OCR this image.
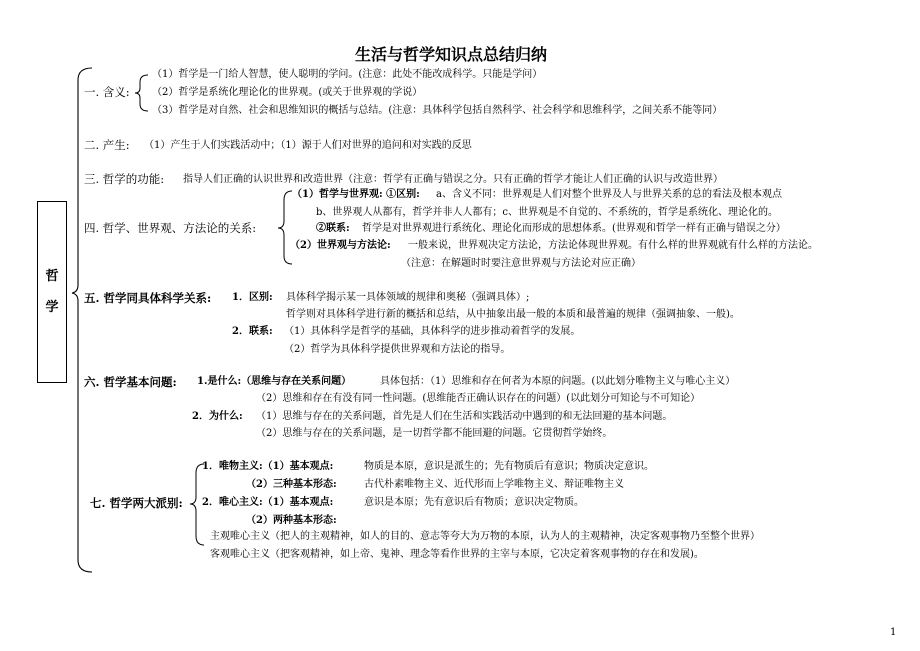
生活与哲学知识点总结归纳
哲
学
一. 含义:
（1）哲学是一门给人智慧，使人聪明的学问。(注意：此处不能改成科学。只能是学问）
（2）哲学是系统化理论化的世界观。(或关于世界观的学说）
（3）哲学是对自然、社会和思维知识的概括与总结。(注意：具体科学包括自然科学、社会科学和思维科学，之间关系不能等同）
二. 产生: （1）产生于人们实践活动中；（1）源于人们对世界的追问和对实践的反思
三. 哲学的功能: 指导人们正确的认识世界和改造世界（注意：哲学有正确与错误之分。只有正确的哲学才能让人们正确的认识与改造世界）
四. 哲学、世界观、方法论的关系:
（1）哲学与世界观: ①区别: a、含义不同：世界观是人们对整个世界及人与世界关系的总的看法及根本观点
b、世界观人从都有，哲学并非人人都有；c、世界观是不自觉的、不系统的，哲学是系统化、理论化的。
②联系: 哲学是对世界观进行系统化、理论化而形成的思想体系。(世界观和哲学一样有正确与错误之分）
（2）世界观与方法论: 一般来说，世界观决定方法论，方法论体现世界观。有什么样的世界观就有什么样的方法论。
（注意：在解题时时要注意世界观与方法论对应正确）
五. 哲学同具体科学关系: 1．区别: 具体科学揭示某一具体领域的规律和奥秘（强调具体）;
哲学则对具体科学进行新的概括和总结，从中抽象出最一般的本质和最普遍的规律（强调抽象、一般)。
2．联系: （1）具体科学是哲学的基础，具体科学的进步推动着哲学的发展。
（2）哲学为具体科学提供世界观和方法论的指导。
六. 哲学基本问题: 1.是什么:（思维与存在关系问题）	具体包括：（1）思维和存在何者为本原的问题。(以此划分唯物主义与唯心主义）
（2）思维和存在有没有同一性问题。(思维能否正确认识存在的问题）(以此划分可知论与不可知论）
2．为什么: （1）思维与存在的关系问题，首先是人们在生活和实践活动中遇到的和无法回避的基本问题。
（2）思维与存在的关系问题，是一切哲学都不能回避的问题。它贯彻哲学始终。
七. 哲学两大派别:
1．唯物主义:（1）基本观点:	物质是本原，意识是派生的；先有物质后有意识；物质决定意识。
（2）三种基本形态:	古代朴素唯物主义、近代形而上学唯物主义、辩证唯物主义
2．唯心主义:（1）基本观点:	意识是本原；先有意识后有物质；意识决定物质。
（2）两种基本形态:
主观唯心主义（把人的主观精神，如人的目的、意志等夸大为万物的本原，认为人的主观精神，决定客观事物乃至整个世界）
客观唯心主义（把客观精神，如上帝、鬼神、理念等看作世界的主宰与本原，它决定着客观事物的存在和发展)。
1
